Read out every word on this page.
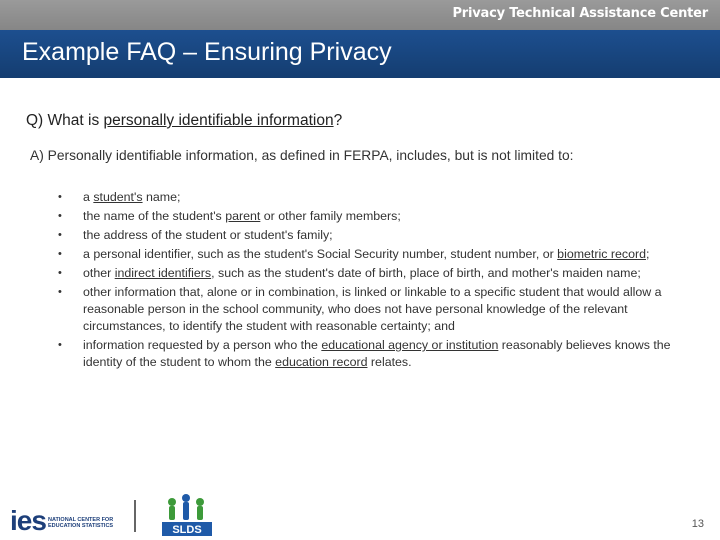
Privacy Technical Assistance Center
Example FAQ – Ensuring Privacy
Q) What is personally identifiable information?
A) Personally identifiable information, as defined in FERPA, includes, but is not limited to:
• a student's name;
• the name of the student's parent or other family members;
• the address of the student or student's family;
• a personal identifier, such as the student's Social Security number, student number, or biometric record;
• other indirect identifiers, such as the student's date of birth, place of birth, and mother's maiden name;
• other information that, alone or in combination, is linked or linkable to a specific student that would allow a reasonable person in the school community, who does not have personal knowledge of the relevant circumstances, to identify the student with reasonable certainty; and
• information requested by a person who the educational agency or institution reasonably believes knows the identity of the student to whom the education record relates.
ies NATIONAL CENTER FOR
EDUCATION STATISTICS	SLDS	13
